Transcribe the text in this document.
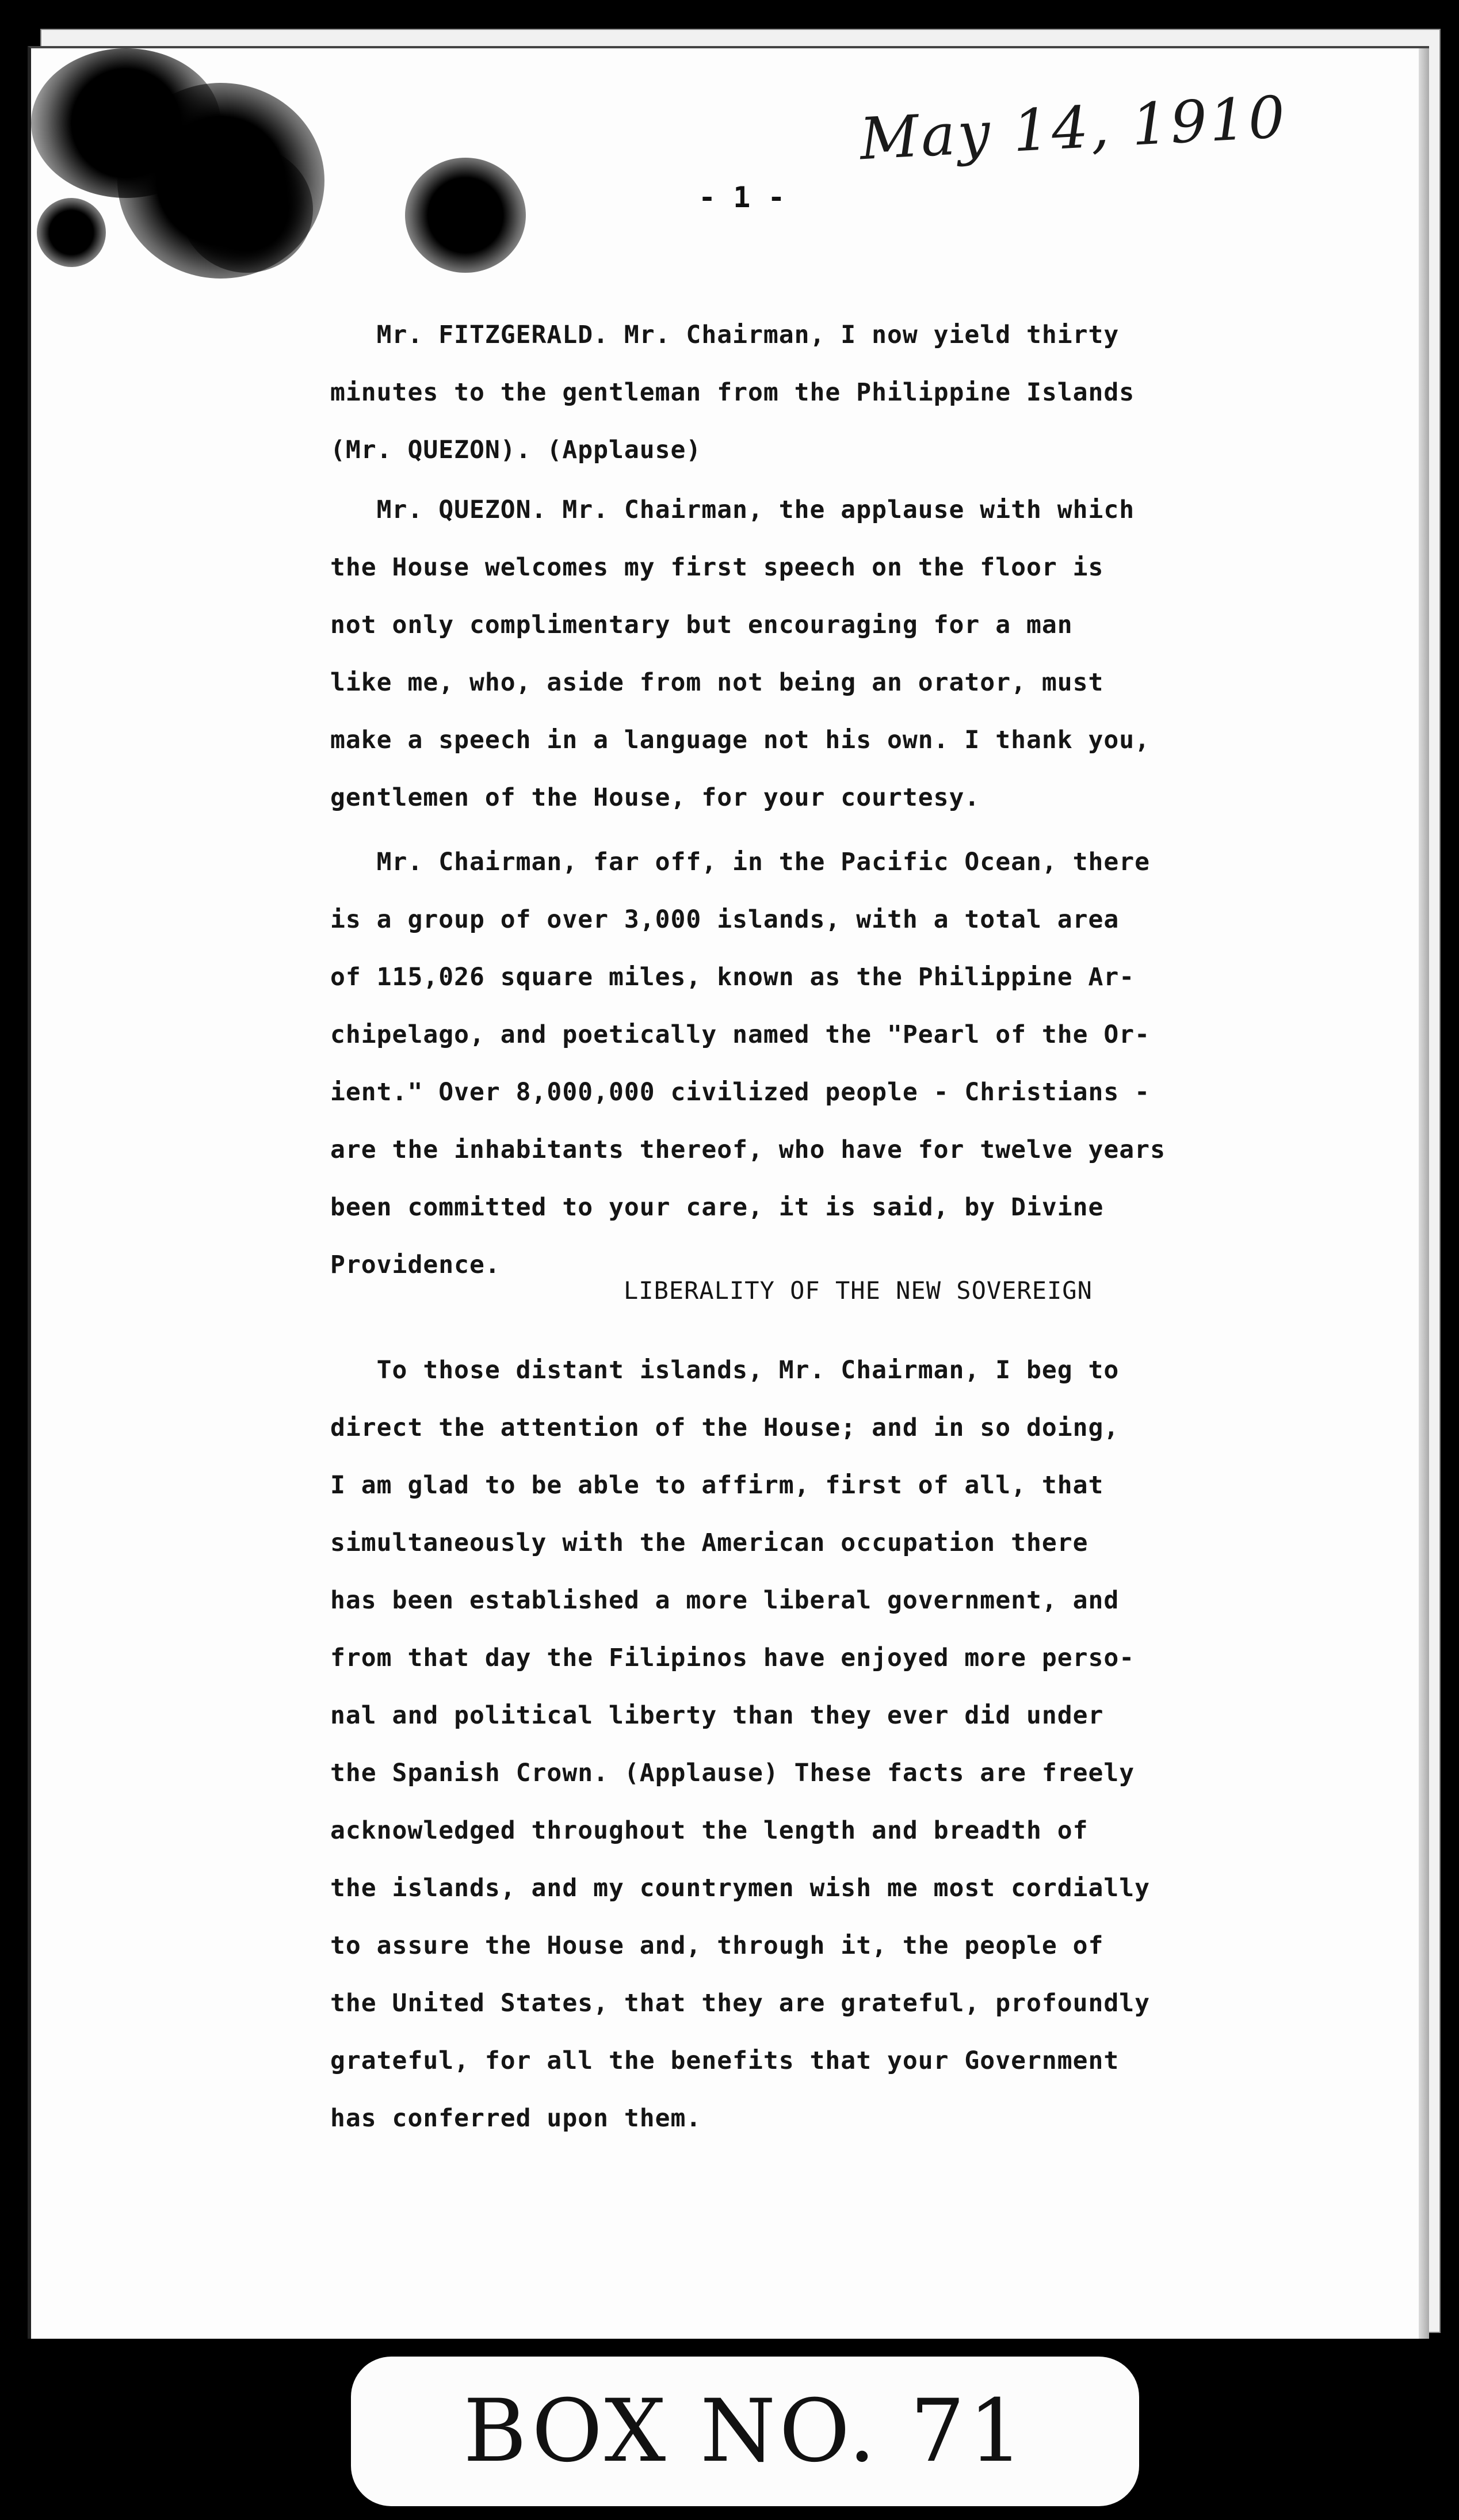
May 14, 1910
- 1 -
Mr. FITZGERALD. Mr. Chairman, I now yield thirty
minutes to the gentleman from the Philippine Islands
(Mr. QUEZON). (Applause)
Mr. QUEZON. Mr. Chairman, the applause with which
the House welcomes my first speech on the floor is
not only complimentary but encouraging for a man
like me, who, aside from not being an orator, must
make a speech in a language not his own. I thank you,
gentlemen of the House, for your courtesy.
Mr. Chairman, far off, in the Pacific Ocean, there
is a group of over 3,000 islands, with a total area
of 115,026 square miles, known as the Philippine Ar-
chipelago, and poetically named the "Pearl of the Or-
ient." Over 8,000,000 civilized people - Christians -
are the inhabitants thereof, who have for twelve years
been committed to your care, it is said, by Divine
Providence.
LIBERALITY OF THE NEW SOVEREIGN
To those distant islands, Mr. Chairman, I beg to
direct the attention of the House; and in so doing,
I am glad to be able to affirm, first of all, that
simultaneously with the American occupation there
has been established a more liberal government, and
from that day the Filipinos have enjoyed more perso-
nal and political liberty than they ever did under
the Spanish Crown. (Applause) These facts are freely
acknowledged throughout the length and breadth of
the islands, and my countrymen wish me most cordially
to assure the House and, through it, the people of
the United States, that they are grateful, profoundly
grateful, for all the benefits that your Government
has conferred upon them.
BOX NO. 71
